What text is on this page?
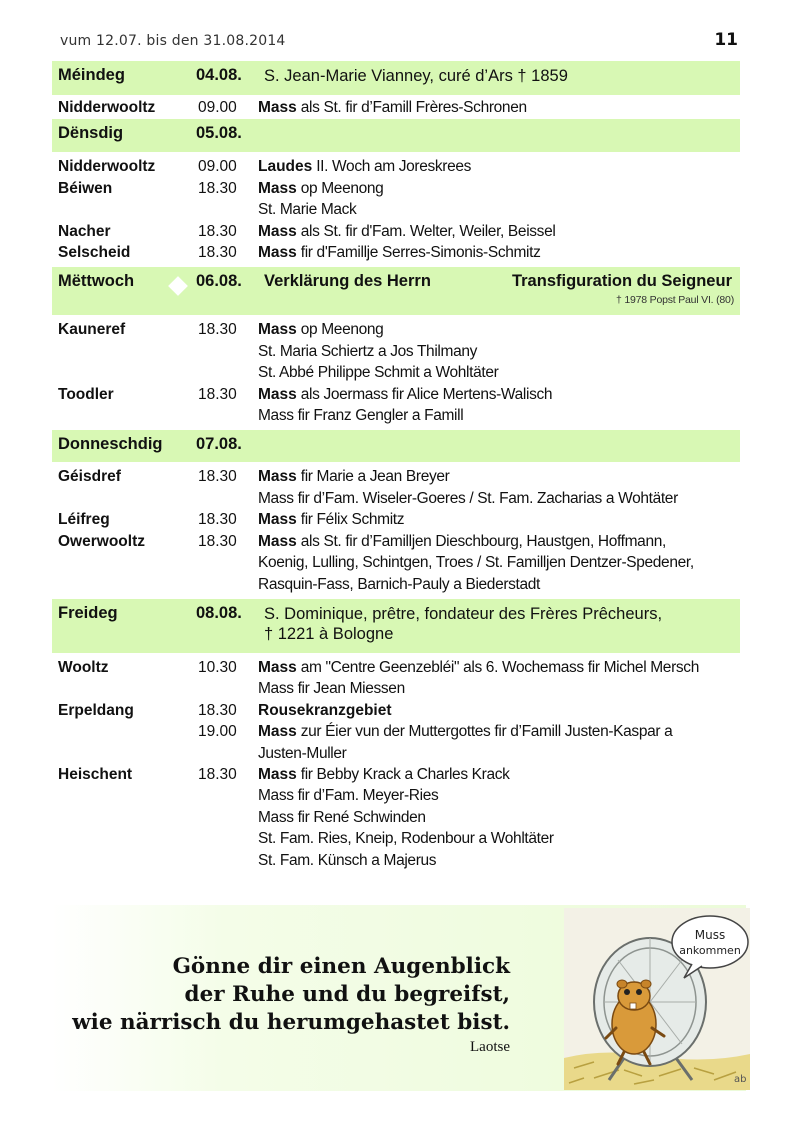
vum 12.07. bis den 31.08.2014	11
Méindeg	04.08.	S. Jean-Marie Vianney, curé d’Ars † 1859
Nidderwooltz	09.00	Mass als St. fir d’Famill Frères-Schronen
Dënsdig	05.08.
Nidderwooltz	09.00	Laudes II. Woch am Joreskrees
Béiwen	18.30	Mass op Meenong
St. Marie Mack
Nacher	18.30	Mass als St. fir d'Fam. Welter, Weiler, Beissel
Selscheid	18.30	Mass fir d'Famillje Serres-Simonis-Schmitz
Mëttwoch	06.08.	Verklärung des Herrn	Transfiguration du Seigneur
† 1978 Popst Paul VI. (80)
Kauneref	18.30	Mass op Meenong
St. Maria Schiertz a Jos Thilmany
St. Abbé Philippe Schmit a Wohltäter
Toodler	18.30	Mass als Joermass fir Alice Mertens-Walisch
Mass fir Franz Gengler a Famill
Donneschdig	07.08.
Géisdref	18.30	Mass fir Marie a Jean Breyer
Mass fir d’Fam. Wiseler-Goeres / St. Fam. Zacharias a Wohtäter
Léifreg	18.30	Mass fir Félix Schmitz
Owerwooltz	18.30	Mass als St. fir d’Familljen Dieschbourg, Haustgen, Hoffmann,
Koenig, Lulling, Schintgen, Troes / St. Familljen Dentzer-Spedener,
Rasquin-Fass, Barnich-Pauly a Biederstadt
Freideg	08.08.	S. Dominique, prêtre, fondateur des Frères Prêcheurs,
† 1221 à Bologne
Wooltz	10.30	Mass am "Centre Geenzebléi" als 6. Wochemass fir Michel Mersch
Mass fir Jean Miessen
Erpeldang	18.30	Rousekranzgebiet
19.00	Mass zur Éier vun der Muttergottes fir d’Famill Justen-Kaspar a
Justen-Muller
Heischent	18.30	Mass fir Bebby Krack a Charles Krack
Mass fir d’Fam. Meyer-Ries
Mass fir René Schwinden
St. Fam. Ries, Kneip, Rodenbour a Wohltäter
St. Fam. Künsch a Majerus
Gönne dir einen Augenblick
der Ruhe und du begreifst,
wie närrisch du herumgehastet bist.
Laotse
Muss
ankommen
ab
